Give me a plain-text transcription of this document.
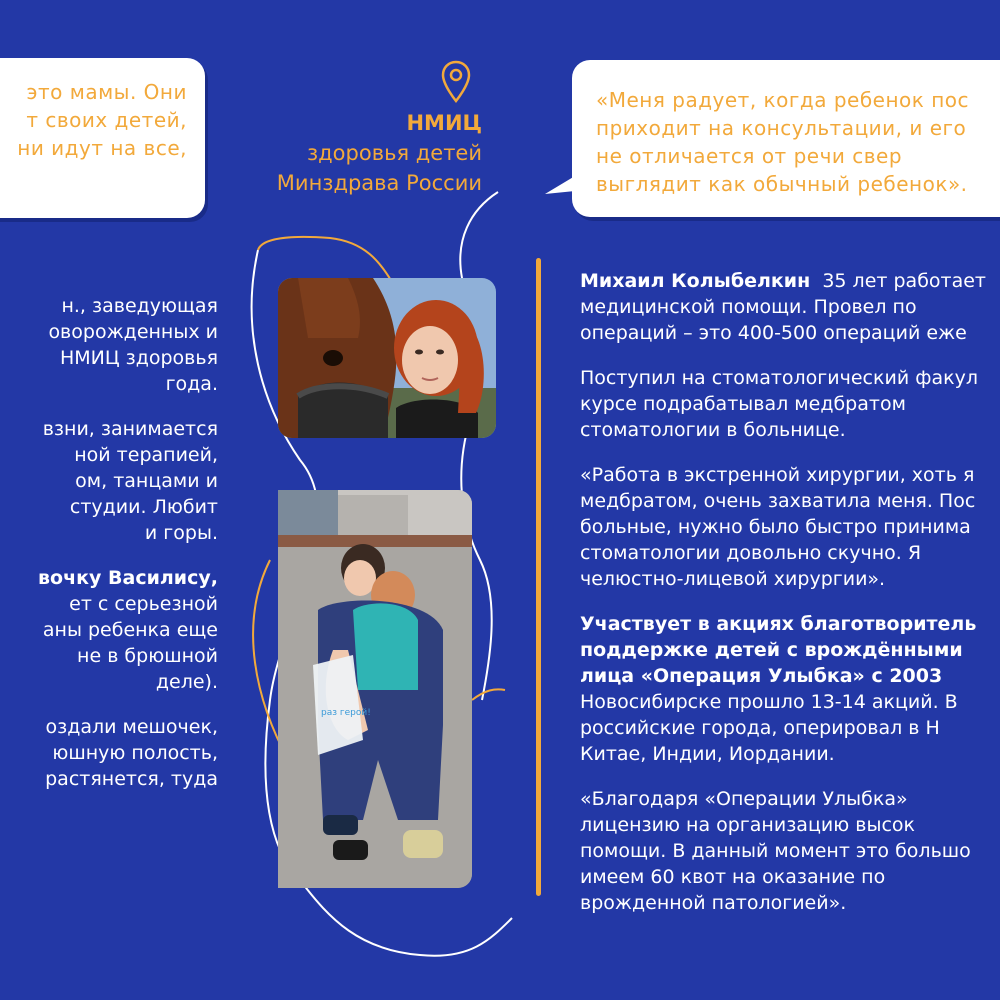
это мамы. Они
т своих детей,
ни идут на все,
«Меня радует, когда ребенок пос
приходит на консультации, и его
не отличается от речи свер
выглядит как обычный ребенок».
НМИЦ
здоровья детей
Минздрава России
н., заведующая
оворожденных и
НМИЦ здоровья
года.
взни, занимается
ной терапией,
ом, танцами и
студии. Любит
и горы.
вочку Василису,
ет с серьезной
аны ребенка еще
не в брюшной
деле).
оздали мешочек,
юшную полость,
растянется, туда
раз герой!
Михаил Колыбелкин 35 лет работает
медицинской помощи. Провел по
операций – это 400-500 операций еже
Поступил на стоматологический факул
курсе подрабатывал медбратом
стоматологии в больнице.
«Работа в экстренной хирургии, хоть я
медбратом, очень захватила меня. Пос
больные, нужно было быстро принима
стоматологии довольно скучно. Я
челюстно-лицевой хирургии».
Участвует в акциях благотворитель
поддержке детей с врождёнными
лица «Операция Улыбка» с 2003
Новосибирске прошло 13-14 акций. В
российские города, оперировал в Н
Китае, Индии, Иордании.
«Благодаря «Операции Улыбка»
лицензию на организацию высок
помощи. В данный момент это большо
имеем 60 квот на оказание по
врожденной патологией».
